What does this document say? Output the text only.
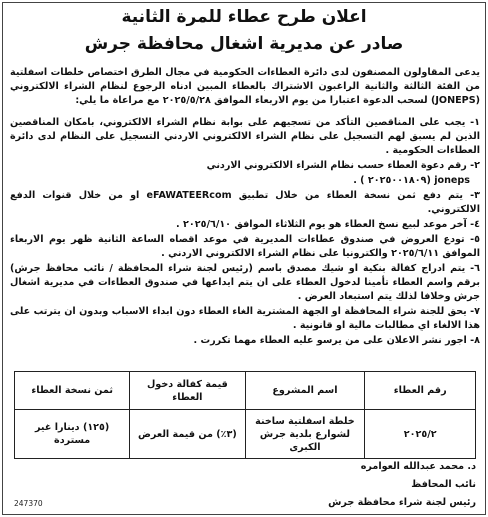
اعلان طرح عطاء للمرة الثانية
صادر عن مديرية اشغال محافظة جرش

يدعى المقاولون المصنفون لدى دائرة العطاءات الحكومية في مجال الطرق اختصاص خلطات اسفلتية من الفئة الثالثة والثانية الراغبون الاشتراك بالعطاء المبين ادناه الرجوع لنظام الشراء الالكتروني (JONEPS) لسحب الدعوة اعتبارا من يوم الاربعاء الموافق ٢٠٢٥/٥/٢٨ مع مراعاة ما يلي:

١- يجب على المناقصين التأكد من تسجيهم على بوابة نظام الشراء الالكتروني، بامكان المناقصين الذين لم يسبق لهم التسجيل على نظام الشراء الالكتروني الاردني التسجيل على النظام لدى دائرة العطاءات الحكومية .
٢- رقم دعوة العطاء حسب نظام الشراء الالكتروني الاردني
joneps (٢٠٢٥٠٠١٨٠٩ ) .
٣- يتم دفع ثمن نسخة العطاء من خلال تطبيق eFAWATEERcom او من خلال قنوات الدفع الالكتروني.
٤- آخر موعد لبيع نسخ العطاء هو يوم الثلاثاء الموافق ٢٠٢٥/٦/١٠ .
٥- تودع العروض في صندوق عطاءات المديرية في موعد اقصاه الساعة الثانية ظهر يوم الاربعاء الموافق ٢٠٢٥/٦/١١ والكترونيا على نظام الشراء الالكتروني الاردني .
٦- يتم ادراج كفالة بنكية او شيك مصدق باسم (رئيس لجنة شراء المحافظة / نائب محافظ جرش) برقم واسم العطاء تأمينا لدخول العطاء على ان يتم ايداعها في صندوق العطاءات في مديرية اشغال جرش وخلافا لذلك يتم استبعاد العرض .
٧- يحق للجنة شراء المحافظة او الجهة المشترية الغاء العطاء دون ابداء الاسباب وبدون ان يترتب على هذا الالغاء اي مطالبات مالية او قانونية .
٨- اجور نشر الاعلان على من يرسو عليه العطاء مهما تكررت .
رقم العطاء	اسم المشروع	قيمة كفالة دخول العطاء	ثمن نسخة العطاء
٢٠٢٥/٢	خلطة اسفلتية ساخنة لشوارع بلدية جرش الكبرى	(٣٪) من قيمة العرض	(١٢٥) دينارا غير مستردة
د. محمد عبدالله العوامره
نائب المحافظ
رئيس لجنة شراء محافظة جرش
247370
